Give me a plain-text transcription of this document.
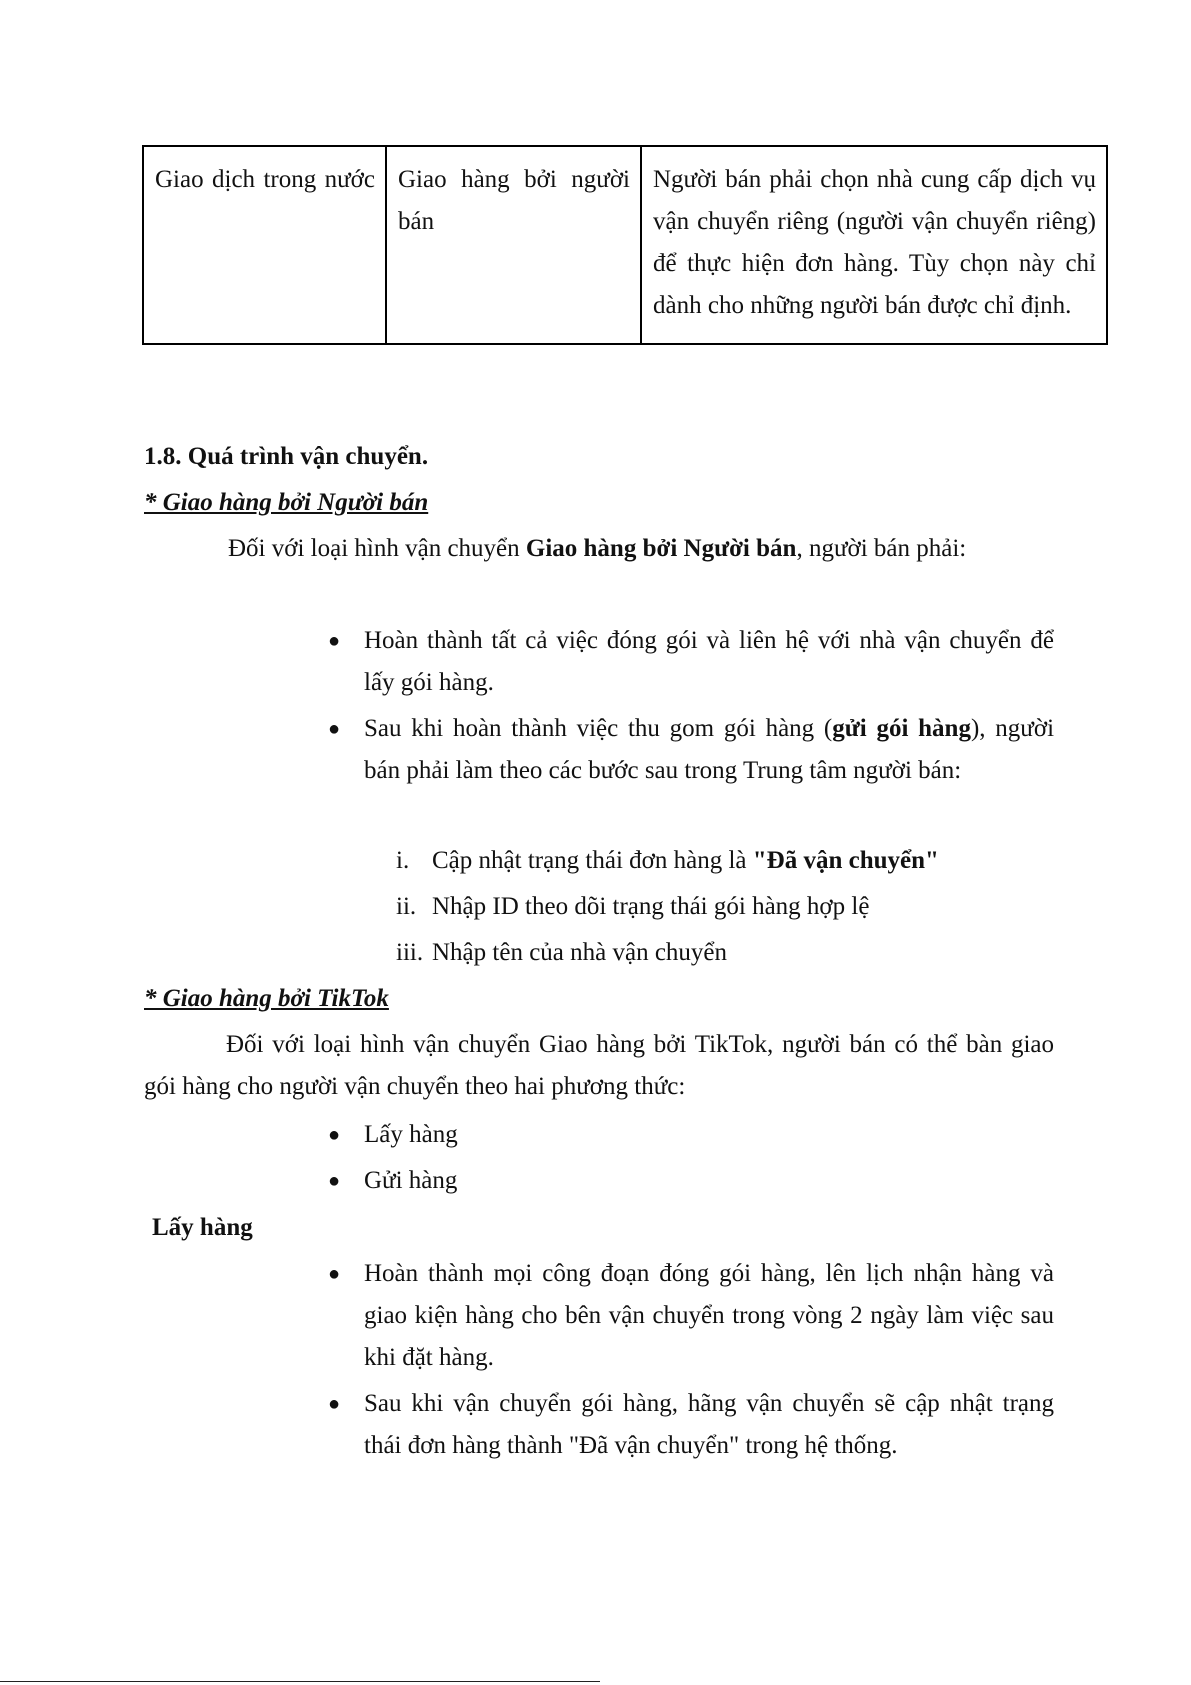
Giao dịch trong nước	Giao hàng bởi người bán	Người bán phải chọn nhà cung cấp dịch vụ vận chuyển riêng (người vận chuyển riêng) để thực hiện đơn hàng. Tùy chọn này chỉ dành cho những người bán được chỉ định.
1.8. Quá trình vận chuyển.
* Giao hàng bởi Người bán
Đối với loại hình vận chuyển Giao hàng bởi Người bán, người bán phải:
● Hoàn thành tất cả việc đóng gói và liên hệ với nhà vận chuyển để lấy gói hàng.
● Sau khi hoàn thành việc thu gom gói hàng (gửi gói hàng), người bán phải làm theo các bước sau trong Trung tâm người bán:
i. Cập nhật trạng thái đơn hàng là "Đã vận chuyển"
ii. Nhập ID theo dõi trạng thái gói hàng hợp lệ
iii. Nhập tên của nhà vận chuyển
* Giao hàng bởi TikTok
Đối với loại hình vận chuyển Giao hàng bởi TikTok, người bán có thể bàn giao gói hàng cho người vận chuyển theo hai phương thức:
● Lấy hàng
● Gửi hàng
Lấy hàng
● Hoàn thành mọi công đoạn đóng gói hàng, lên lịch nhận hàng và giao kiện hàng cho bên vận chuyển trong vòng 2 ngày làm việc sau khi đặt hàng.
● Sau khi vận chuyển gói hàng, hãng vận chuyển sẽ cập nhật trạng thái đơn hàng thành "Đã vận chuyển" trong hệ thống.
